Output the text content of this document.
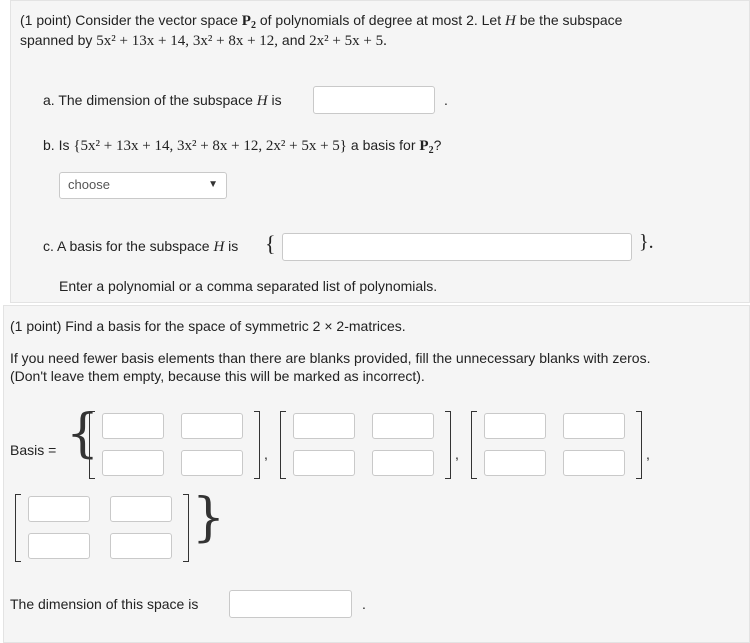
(1 point) Consider the vector space $P_2$ of polynomials of degree at most 2. Let H be the subspace
spanned by 5x² + 13x + 14, 3x² + 8x + 12, and 2x² + 5x + 5.
a. The dimension of the subspace H is	.
b. Is {5x² + 13x + 14, 3x² + 8x + 12, 2x² + 5x + 5} a basis for $P_2$?
choose	▼
c. A basis for the subspace H is {	}.
Enter a polynomial or a comma separated list of polynomials.
(1 point) Find a basis for the space of symmetric 2 × 2-matrices.
If you need fewer basis elements than there are blanks provided, fill the unnecessary blanks with zeros.
(Don't leave them empty, because this will be marked as incorrect).
Basis = {	,	,	,
}
The dimension of this space is	.
